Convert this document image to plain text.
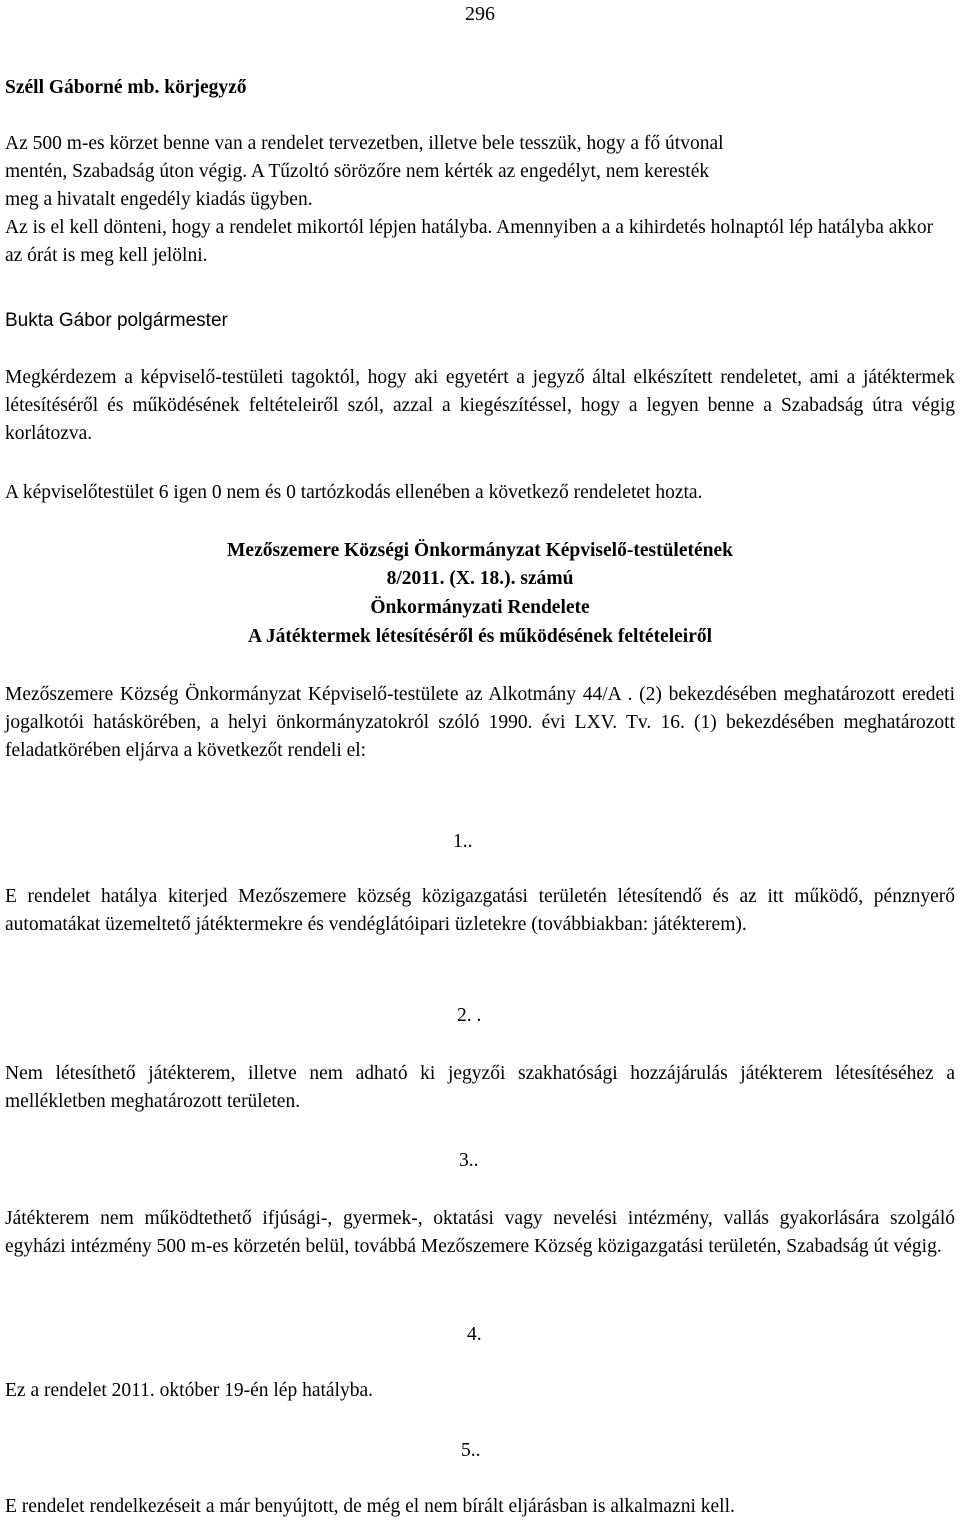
296
Széll Gáborné mb. körjegyző
Az 500 m-es körzet benne van a rendelet tervezetben, illetve bele tesszük, hogy a fő útvonal
mentén, Szabadság úton végig. A Tűzoltó sörözőre nem kérték az engedélyt, nem keresték
meg a hivatalt engedély kiadás ügyben.
Az is el kell dönteni, hogy a rendelet mikortól lépjen hatályba. Amennyiben a a kihirdetés holnaptól lép hatályba akkor az órát is meg kell jelölni.
Bukta Gábor polgármester
Megkérdezem a képviselő-testületi tagoktól, hogy aki egyetért a jegyző által elkészített rendeletet, ami a játéktermek létesítéséről és működésének feltételeiről szól, azzal a kiegészítéssel, hogy a legyen benne a Szabadság útra végig korlátozva.
A képviselőtestület 6 igen 0 nem és 0 tartózkodás ellenében a következő rendeletet hozta.
Mezőszemere Községi Önkormányzat Képviselő-testületének
8/2011. (X. 18.). számú
Önkormányzati Rendelete
A Játéktermek létesítéséről és működésének feltételeiről
Mezőszemere Község Önkormányzat Képviselő-testülete az Alkotmány 44/A . (2) bekezdésében meghatározott eredeti jogalkotói hatáskörében, a helyi önkormányzatokról szóló 1990. évi LXV. Tv. 16. (1) bekezdésében meghatározott feladatkörében eljárva a következőt rendeli el:
1..
E rendelet hatálya kiterjed Mezőszemere község közigazgatási területén létesítendő és az itt működő, pénznyerő automatákat üzemeltető játéktermekre és vendéglátóipari üzletekre (továbbiakban: játékterem).
2. .
Nem létesíthető játékterem, illetve nem adható ki jegyzői szakhatósági hozzájárulás játékterem létesítéséhez a mellékletben meghatározott területen.
3..
Játékterem nem működtethető ifjúsági-, gyermek-, oktatási vagy nevelési intézmény, vallás gyakorlására szolgáló egyházi intézmény 500 m-es körzetén belül, továbbá Mezőszemere Község közigazgatási területén, Szabadság út végig.
4.
Ez a rendelet 2011. október 19-én lép hatályba.
5..
E rendelet rendelkezéseit a már benyújtott, de még el nem bírált eljárásban is alkalmazni kell.
